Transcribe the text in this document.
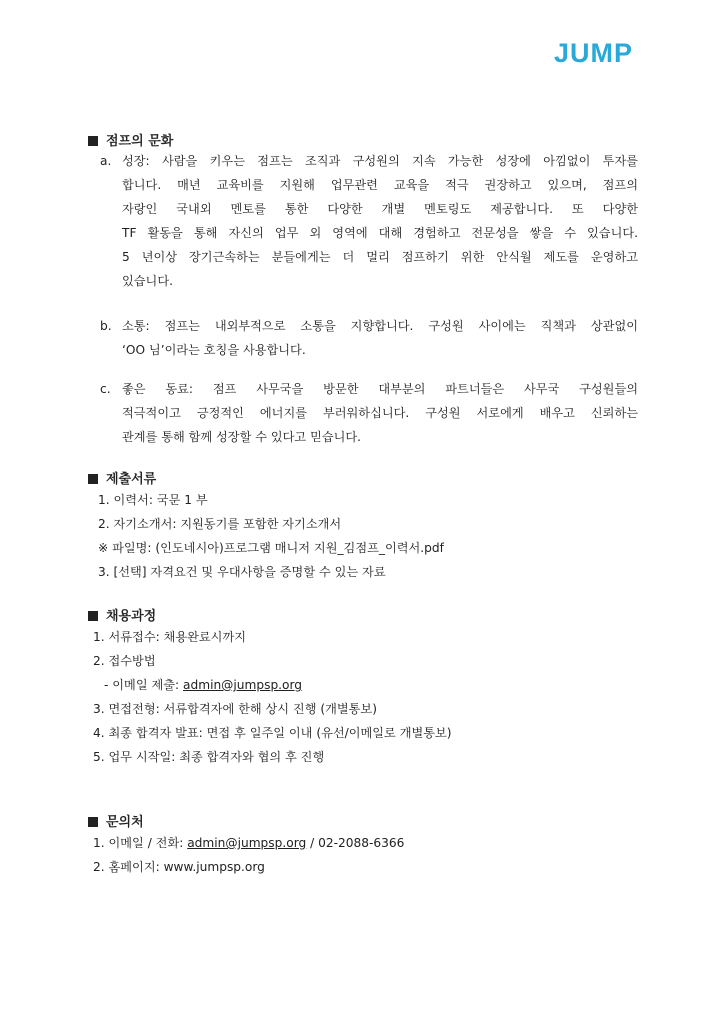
JUMP
점프의 문화
a. 성장: 사람을 키우는 점프는 조직과 구성원의 지속 가능한 성장에 아낌없이 투자를
합니다. 매년 교육비를 지원해 업무관련 교육을 적극 권장하고 있으며, 점프의
자랑인 국내외 멘토를 통한 다양한 개별 멘토링도 제공합니다. 또 다양한
TF 활동을 통해 자신의 업무 외 영역에 대해 경험하고 전문성을 쌓을 수 있습니다.
5 년이상 장기근속하는 분들에게는 더 멀리 점프하기 위한 안식월 제도를 운영하고
있습니다.
b. 소통: 점프는 내외부적으로 소통을 지향합니다. 구성원 사이에는 직책과 상관없이
‘OO 님’이라는 호칭을 사용합니다.
c. 좋은 동료: 점프 사무국을 방문한 대부분의 파트너들은 사무국 구성원들의
적극적이고 긍정적인 에너지를 부러워하십니다. 구성원 서로에게 배우고 신뢰하는
관계를 통해 함께 성장할 수 있다고 믿습니다.
제출서류
1. 이력서: 국문 1 부
2. 자기소개서: 지원동기를 포함한 자기소개서
※ 파일명: (인도네시아)프로그램 매니저 지원_김점프_이력서.pdf
3. [선택] 자격요건 및 우대사항을 증명할 수 있는 자료
채용과정
1. 서류접수: 채용완료시까지
2. 접수방법
- 이메일 제출: admin@jumpsp.org
3. 면접전형: 서류합격자에 한해 상시 진행 (개별통보)
4. 최종 합격자 발표: 면접 후 일주일 이내 (유선/이메일로 개별통보)
5. 업무 시작일: 최종 합격자와 협의 후 진행
문의처
1. 이메일 / 전화: admin@jumpsp.org / 02-2088-6366
2. 홈페이지: www.jumpsp.org
